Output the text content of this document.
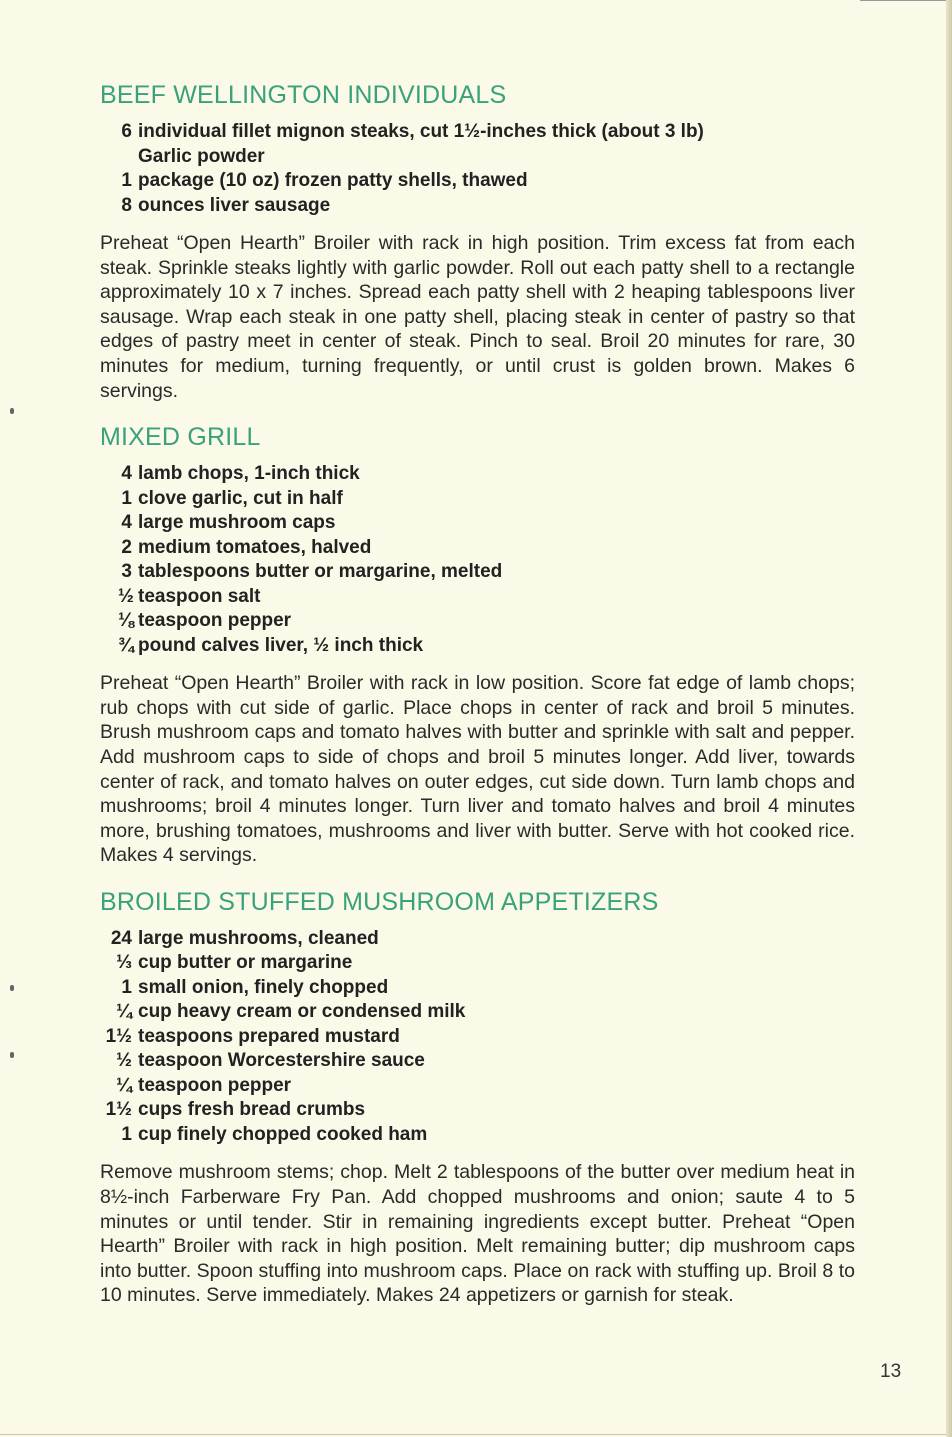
BEEF WELLINGTON INDIVIDUALS
6 individual fillet mignon steaks, cut 1½-inches thick (about 3 lb)
Garlic powder
1 package (10 oz) frozen patty shells, thawed
8 ounces liver sausage

Preheat “Open Hearth” Broiler with rack in high position. Trim excess fat from each steak. Sprinkle steaks lightly with garlic powder. Roll out each patty shell to a rectangle approximately 10 x 7 inches. Spread each patty shell with 2 heaping tablespoons liver sausage. Wrap each steak in one patty shell, placing steak in center of pastry so that edges of pastry meet in center of steak. Pinch to seal. Broil 20 minutes for rare, 30 minutes for medium, turning frequently, or until crust is golden brown. Makes 6 servings.

MIXED GRILL
4 lamb chops, 1-inch thick
1 clove garlic, cut in half
4 large mushroom caps
2 medium tomatoes, halved
3 tablespoons butter or margarine, melted
½ teaspoon salt
⅛ teaspoon pepper
¾ pound calves liver, ½ inch thick

Preheat “Open Hearth” Broiler with rack in low position. Score fat edge of lamb chops; rub chops with cut side of garlic. Place chops in center of rack and broil 5 minutes. Brush mushroom caps and tomato halves with butter and sprinkle with salt and pepper. Add mushroom caps to side of chops and broil 5 minutes longer. Add liver, towards center of rack, and tomato halves on outer edges, cut side down. Turn lamb chops and mushrooms; broil 4 minutes longer. Turn liver and tomato halves and broil 4 minutes more, brushing tomatoes, mushrooms and liver with butter. Serve with hot cooked rice. Makes 4 servings.

BROILED STUFFED MUSHROOM APPETIZERS
24 large mushrooms, cleaned
⅓ cup butter or margarine
1 small onion, finely chopped
¼ cup heavy cream or condensed milk
1½ teaspoons prepared mustard
½ teaspoon Worcestershire sauce
¼ teaspoon pepper
1½ cups fresh bread crumbs
1 cup finely chopped cooked ham

Remove mushroom stems; chop. Melt 2 tablespoons of the butter over medium heat in 8½-inch Farberware Fry Pan. Add chopped mushrooms and onion; saute 4 to 5 minutes or until tender. Stir in remaining ingredients except butter. Preheat “Open Hearth” Broiler with rack in high position. Melt remaining butter; dip mushroom caps into butter. Spoon stuffing into mushroom caps. Place on rack with stuffing up. Broil 8 to 10 minutes. Serve immediately. Makes 24 appetizers or garnish for steak.

13
